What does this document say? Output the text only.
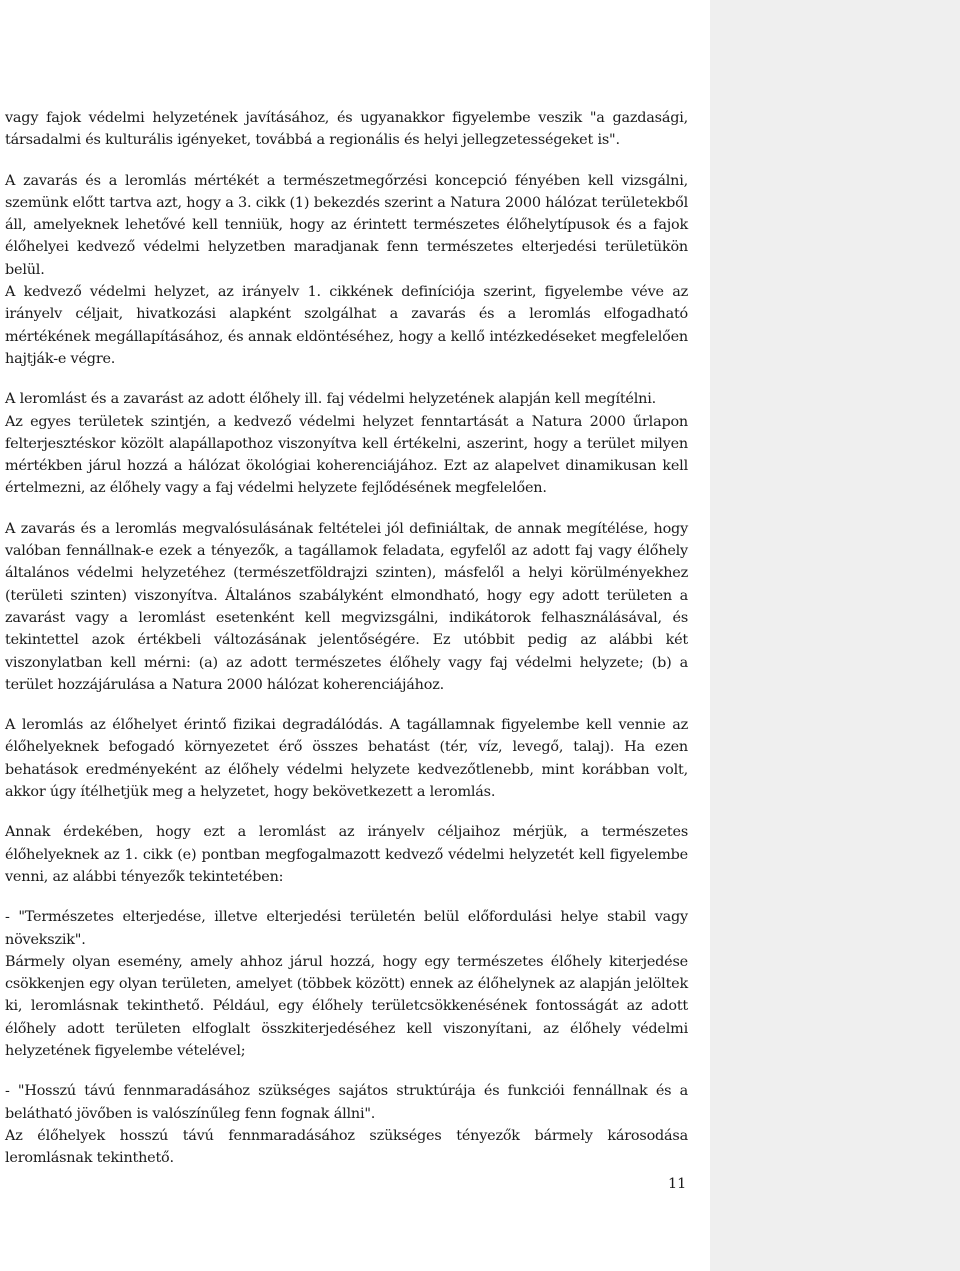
vagy fajok védelmi helyzetének javításához, és ugyanakkor figyelembe veszik "a gazdasági, társadalmi és kulturális igényeket, továbbá a regionális és helyi jellegzetességeket is".

A zavarás és a leromlás mértékét a természetmegőrzési koncepció fényében kell vizsgálni, szemünk előtt tartva azt, hogy a 3. cikk (1) bekezdés szerint a Natura 2000 hálózat területekből áll, amelyeknek lehetővé kell tenniük, hogy az érintett természetes élőhelytípusok és a fajok élőhelyei kedvező védelmi helyzetben maradjanak fenn természetes elterjedési területükön belül.

A kedvező védelmi helyzet, az irányelv 1. cikkének definíciója szerint, figyelembe véve az irányelv céljait, hivatkozási alapként szolgálhat a zavarás és a leromlás elfogadható mértékének megállapításához, és annak eldöntéséhez, hogy a kellő intézkedéseket megfelelően hajtják-e végre.

A leromlást és a zavarást az adott élőhely ill. faj védelmi helyzetének alapján kell megítélni.

Az egyes területek szintjén, a kedvező védelmi helyzet fenntartását a Natura 2000 űrlapon felterjesztéskor közölt alapállapothoz viszonyítva kell értékelni, aszerint, hogy a terület milyen mértékben járul hozzá a hálózat ökológiai koherenciájához. Ezt az alapelvet dinamikusan kell értelmezni, az élőhely vagy a faj védelmi helyzete fejlődésének megfelelően.

A zavarás és a leromlás megvalósulásának feltételei jól definiáltak, de annak megítélése, hogy valóban fennállnak-e ezek a tényezők, a tagállamok feladata, egyfelől az adott faj vagy élőhely általános védelmi helyzetéhez (természetföldrajzi szinten), másfelől a helyi körülményekhez (területi szinten) viszonyítva. Általános szabályként elmondható, hogy egy adott területen a zavarást vagy a leromlást esetenként kell megvizsgálni, indikátorok felhasználásával, és tekintettel azok értékbeli változásának jelentőségére. Ez utóbbit pedig az alábbi két viszonylatban kell mérni: (a) az adott természetes élőhely vagy faj védelmi helyzete; (b) a terület hozzájárulása a Natura 2000 hálózat koherenciájához.

A leromlás az élőhelyet érintő fizikai degradálódás. A tagállamnak figyelembe kell vennie az élőhelyeknek befogadó környezetet érő összes behatást (tér, víz, levegő, talaj). Ha ezen behatások eredményeként az élőhely védelmi helyzete kedvezőtlenebb, mint korábban volt, akkor úgy ítélhetjük meg a helyzetet, hogy bekövetkezett a leromlás.

Annak érdekében, hogy ezt a leromlást az irányelv céljaihoz mérjük, a természetes élőhelyeknek az 1. cikk (e) pontban megfogalmazott kedvező védelmi helyzetét kell figyelembe venni, az alábbi tényezők tekintetében:

- "Természetes elterjedése, illetve elterjedési területén belül előfordulási helye stabil vagy növekszik".

Bármely olyan esemény, amely ahhoz járul hozzá, hogy egy természetes élőhely kiterjedése csökkenjen egy olyan területen, amelyet (többek között) ennek az élőhelynek az alapján jelöltek ki, leromlásnak tekinthető. Például, egy élőhely területcsökkenésének fontosságát az adott élőhely adott területen elfoglalt összkiterjedéséhez kell viszonyítani, az élőhely védelmi helyzetének figyelembe vételével;

- "Hosszú távú fennmaradásához szükséges sajátos struktúrája és funkciói fennállnak és a belátható jövőben is valószínűleg fenn fognak állni".

Az élőhelyek hosszú távú fennmaradásához szükséges tényezők bármely károsodása leromlásnak tekinthető.

11
